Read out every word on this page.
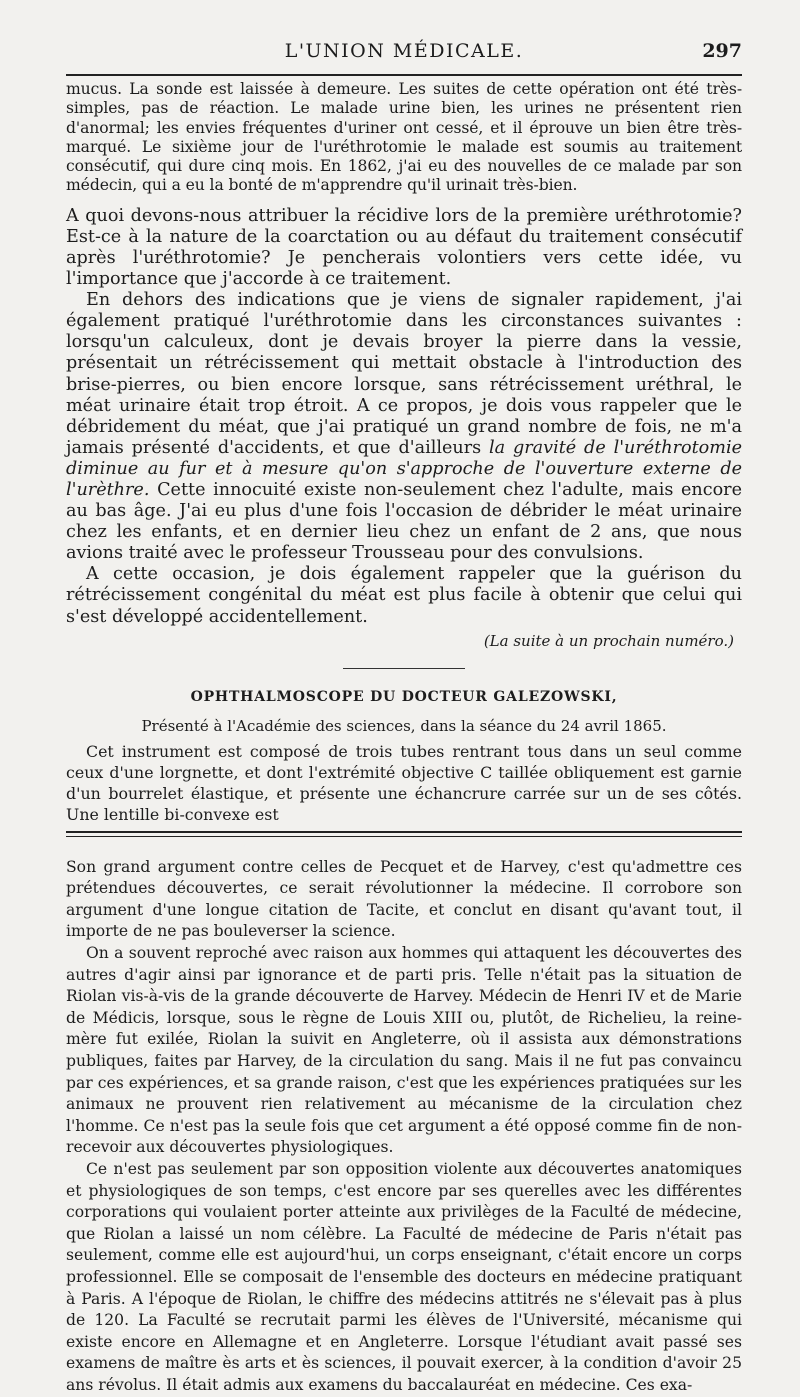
L'UNION MÉDICALE.	297

mucus. La sonde est laissée à demeure. Les suites de cette opération ont été très-simples, pas de réaction. Le malade urine bien, les urines ne présentent rien d'anormal; les envies fréquentes d'uriner ont cessé, et il éprouve un bien être très-marqué. Le sixième jour de l'uréthrotomie le malade est soumis au traitement consécutif, qui dure cinq mois. En 1862, j'ai eu des nouvelles de ce malade par son médecin, qui a eu la bonté de m'apprendre qu'il urinait très-bien.

A quoi devons-nous attribuer la récidive lors de la première uréthrotomie? Est-ce à la nature de la coarctation ou au défaut du traitement consécutif après l'uréthrotomie? Je pencherais volontiers vers cette idée, vu l'importance que j'accorde à ce traitement.

En dehors des indications que je viens de signaler rapidement, j'ai également pratiqué l'uréthrotomie dans les circonstances suivantes : lorsqu'un calculeux, dont je devais broyer la pierre dans la vessie, présentait un rétrécissement qui mettait obstacle à l'introduction des brise-pierres, ou bien encore lorsque, sans rétrécissement uréthral, le méat urinaire était trop étroit. A ce propos, je dois vous rappeler que le débridement du méat, que j'ai pratiqué un grand nombre de fois, ne m'a jamais présenté d'accidents, et que d'ailleurs la gravité de l'uréthrotomie diminue au fur et à mesure qu'on s'approche de l'ouverture externe de l'urèthre. Cette innocuité existe non-seulement chez l'adulte, mais encore au bas âge. J'ai eu plus d'une fois l'occasion de débrider le méat urinaire chez les enfants, et en dernier lieu chez un enfant de 2 ans, que nous avions traité avec le professeur Trousseau pour des convulsions.

A cette occasion, je dois également rappeler que la guérison du rétrécissement congénital du méat est plus facile à obtenir que celui qui s'est développé accidentellement.

(La suite à un prochain numéro.)
OPHTHALMOSCOPE DU DOCTEUR GALEZOWSKI,
Présenté à l'Académie des sciences, dans la séance du 24 avril 1865.

Cet instrument est composé de trois tubes rentrant tous dans un seul comme ceux d'une lorgnette, et dont l'extrémité objective C taillée obliquement est garnie d'un bourrelet élastique, et présente une échancrure carrée sur un de ses côtés. Une lentille bi-convexe est

Son grand argument contre celles de Pecquet et de Harvey, c'est qu'admettre ces prétendues découvertes, ce serait révolutionner la médecine. Il corrobore son argument d'une longue citation de Tacite, et conclut en disant qu'avant tout, il importe de ne pas bouleverser la science.

On a souvent reproché avec raison aux hommes qui attaquent les découvertes des autres d'agir ainsi par ignorance et de parti pris. Telle n'était pas la situation de Riolan vis-à-vis de la grande découverte de Harvey. Médecin de Henri IV et de Marie de Médicis, lorsque, sous le règne de Louis XIII ou, plutôt, de Richelieu, la reine-mère fut exilée, Riolan la suivit en Angleterre, où il assista aux démonstrations publiques, faites par Harvey, de la circulation du sang. Mais il ne fut pas convaincu par ces expériences, et sa grande raison, c'est que les expériences pratiquées sur les animaux ne prouvent rien relativement au mécanisme de la circulation chez l'homme. Ce n'est pas la seule fois que cet argument a été opposé comme fin de non-recevoir aux découvertes physiologiques.

Ce n'est pas seulement par son opposition violente aux découvertes anatomiques et physiologiques de son temps, c'est encore par ses querelles avec les différentes corporations qui voulaient porter atteinte aux privilèges de la Faculté de médecine, que Riolan a laissé un nom célèbre. La Faculté de médecine de Paris n'était pas seulement, comme elle est aujourd'hui, un corps enseignant, c'était encore un corps professionnel. Elle se composait de l'ensemble des docteurs en médecine pratiquant à Paris. A l'époque de Riolan, le chiffre des médecins attitrés ne s'élevait pas à plus de 120. La Faculté se recrutait parmi les élèves de l'Université, mécanisme qui existe encore en Allemagne et en Angleterre. Lorsque l'étudiant avait passé ses examens de maître ès arts et ès sciences, il pouvait exercer, à la condition d'avoir 25 ans révolus. Il était admis aux examens du baccalauréat en médecine. Ces exa-
